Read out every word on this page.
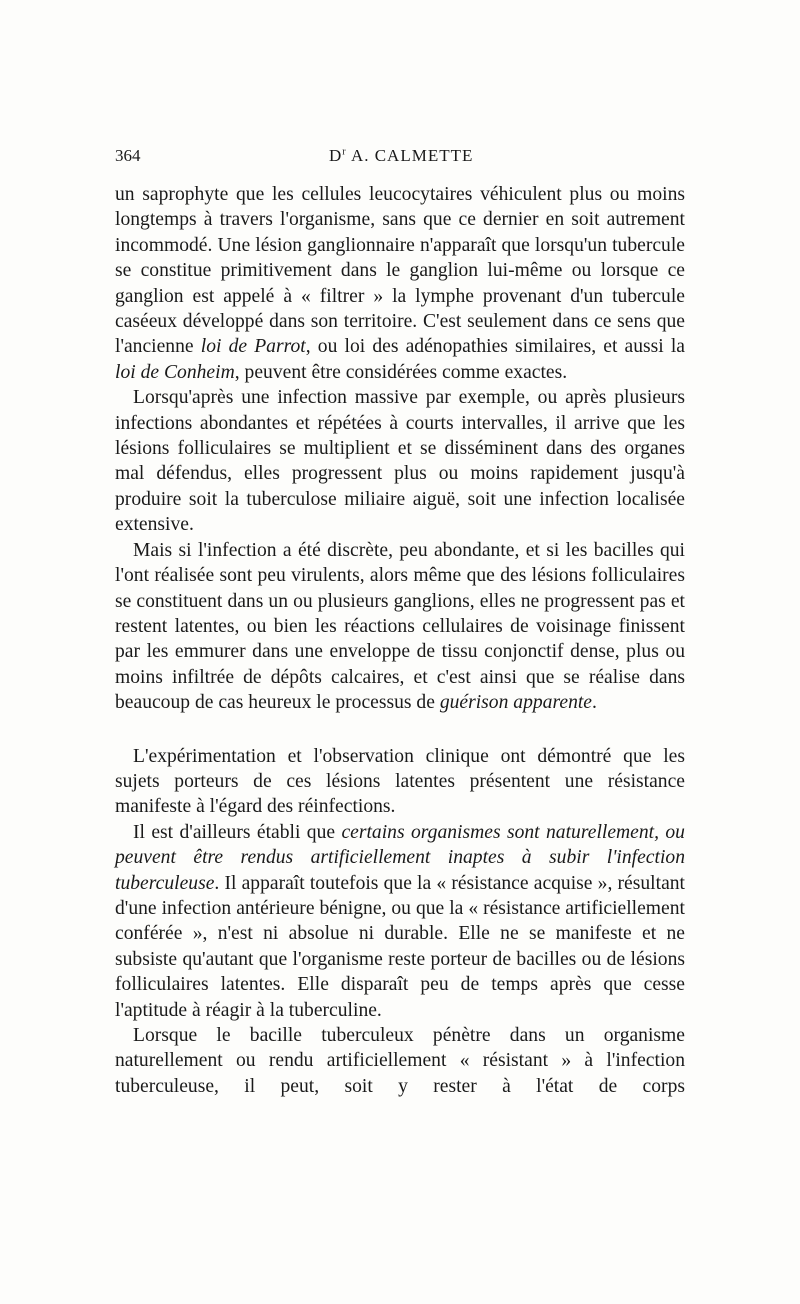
364	$D^r$ A. CALMETTE

un saprophyte que les cellules leucocytaires véhiculent plus ou moins longtemps à travers l'organisme, sans que ce dernier en soit autrement incommodé. Une lésion ganglionnaire n'apparaît que lorsqu'un tubercule se constitue primitivement dans le ganglion lui-même ou lorsque ce ganglion est appelé à « filtrer » la lymphe provenant d'un tubercule caséeux développé dans son territoire. C'est seulement dans ce sens que l'ancienne loi de Parrot, ou loi des adénopathies similaires, et aussi la loi de Conheim, peuvent être considérées comme exactes.

Lorsqu'après une infection massive par exemple, ou après plusieurs infections abondantes et répétées à courts intervalles, il arrive que les lésions folliculaires se multiplient et se disséminent dans des organes mal défendus, elles progressent plus ou moins rapidement jusqu'à produire soit la tuberculose miliaire aiguë, soit une infection localisée extensive.

Mais si l'infection a été discrète, peu abondante, et si les bacilles qui l'ont réalisée sont peu virulents, alors même que des lésions folliculaires se constituent dans un ou plusieurs ganglions, elles ne progressent pas et restent latentes, ou bien les réactions cellulaires de voisinage finissent par les emmurer dans une enveloppe de tissu conjonctif dense, plus ou moins infiltrée de dépôts calcaires, et c'est ainsi que se réalise dans beaucoup de cas heureux le processus de guérison apparente.

L'expérimentation et l'observation clinique ont démontré que les sujets porteurs de ces lésions latentes présentent une résistance manifeste à l'égard des réinfections.

Il est d'ailleurs établi que certains organismes sont naturellement, ou peuvent être rendus artificiellement inaptes à subir l'infection tuberculeuse. Il apparaît toutefois que la « résistance acquise », résultant d'une infection antérieure bénigne, ou que la « résistance artificiellement conférée », n'est ni absolue ni durable. Elle ne se manifeste et ne subsiste qu'autant que l'organisme reste porteur de bacilles ou de lésions folliculaires latentes. Elle disparaît peu de temps après que cesse l'aptitude à réagir à la tuberculine.

Lorsque le bacille tuberculeux pénètre dans un organisme naturellement ou rendu artificiellement « résistant » à l'infection tuberculeuse, il peut, soit y rester à l'état de corps
